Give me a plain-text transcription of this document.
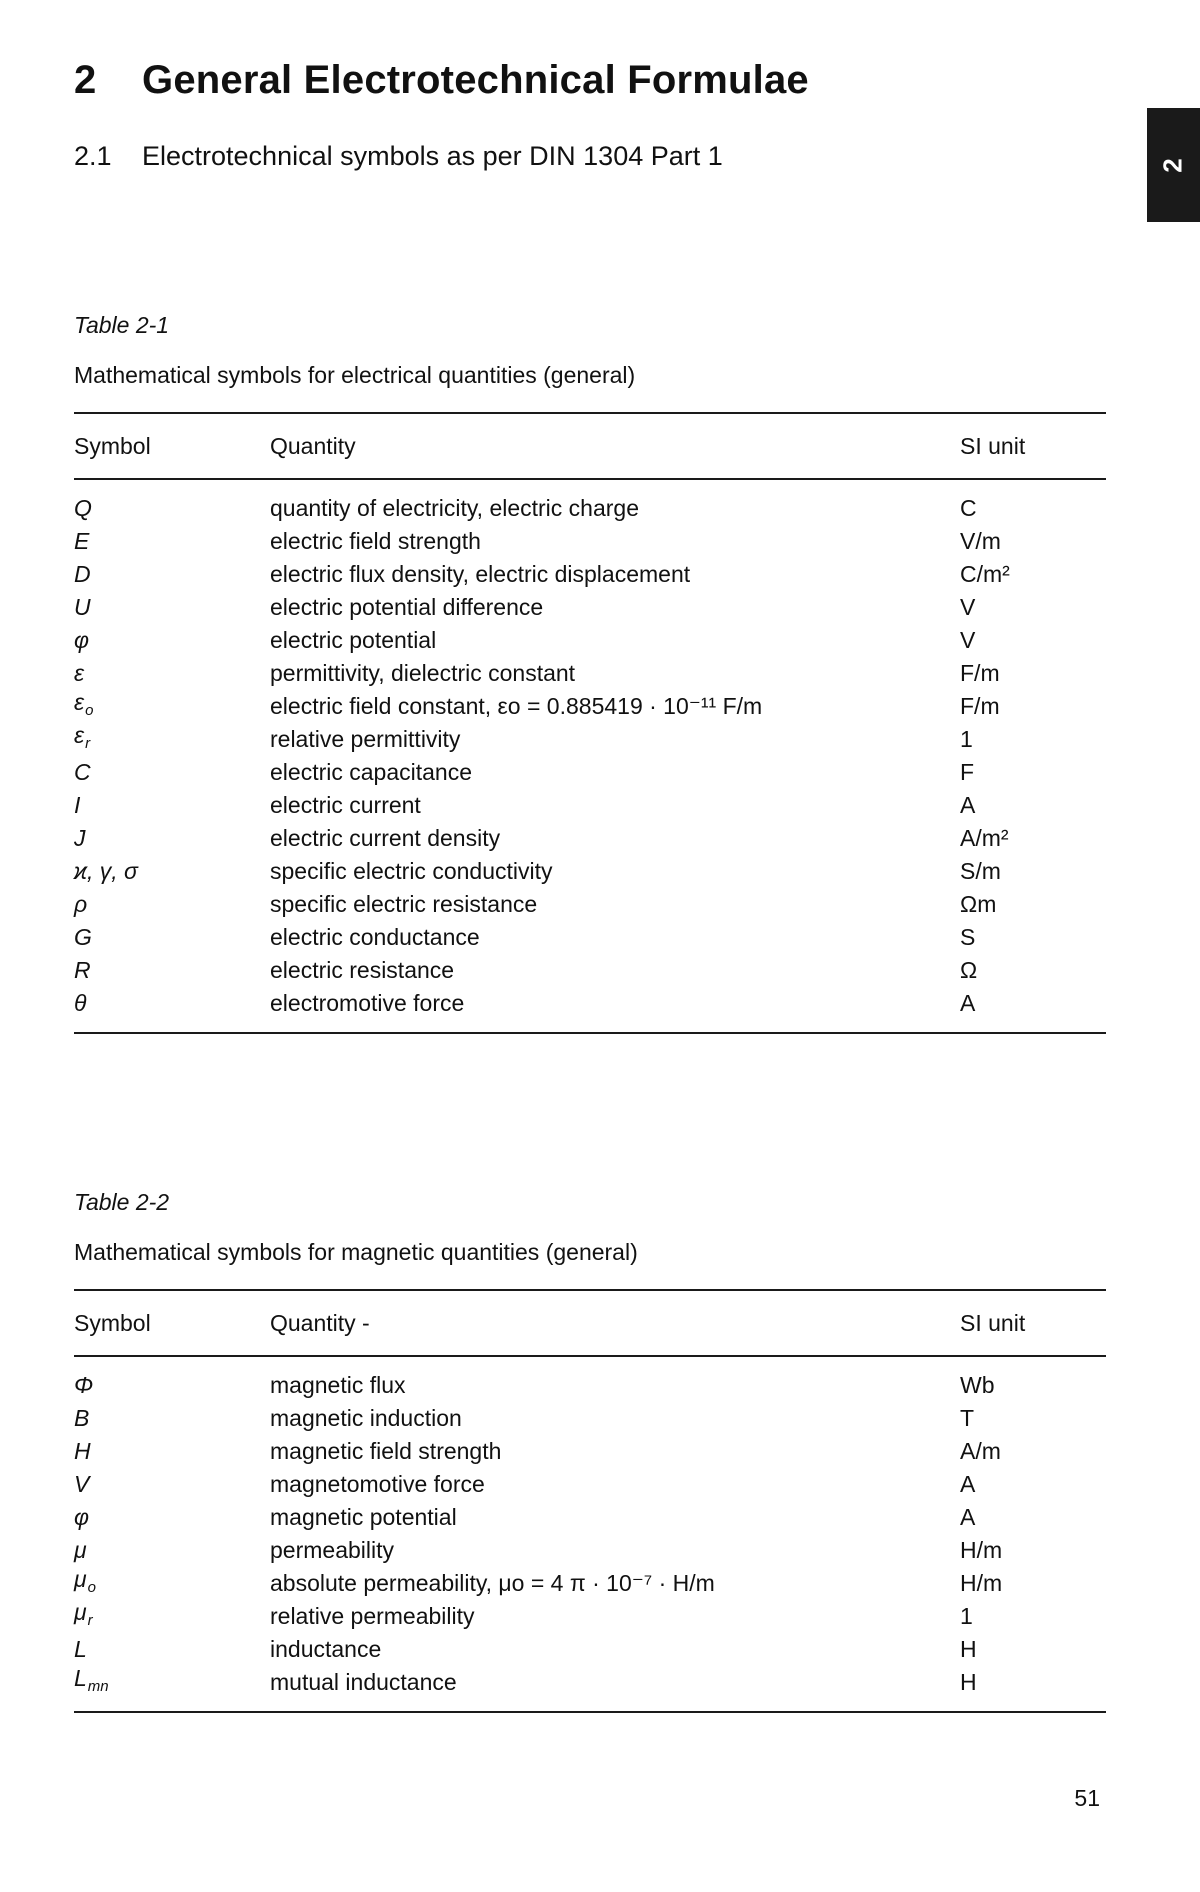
2 General Electrotechnical Formulae
2.1 Electrotechnical symbols as per DIN 1304 Part 1	2
Table 2-1
Mathematical symbols for electrical quantities (general)
Symbol	Quantity	SI unit
Q	quantity of electricity, electric charge	C
E	electric field strength	V/m
D	electric flux density, electric displacement	C/m²
U	electric potential difference	V
φ	electric potential	V
ε	permittivity, dielectric constant	F/m
$\varepsilon_o$	electric field constant, εo = 0.885419 · 10⁻¹¹ F/m	F/m
$\varepsilon_r$	relative permittivity	1
C	electric capacitance	F
I	electric current	A
J	electric current density	A/m²
ϰ, γ, σ	specific electric conductivity	S/m
ρ	specific electric resistance	Ωm
G	electric conductance	S
R	electric resistance	Ω
θ	electromotive force	A
Table 2-2
Mathematical symbols for magnetic quantities (general)
Symbol	Quantity -	SI unit
Φ	magnetic flux	Wb
B	magnetic induction	T
H	magnetic field strength	A/m
V	magnetomotive force	A
φ	magnetic potential	A
μ	permeability	H/m
$\mu_o$	absolute permeability, μo = 4 π · 10⁻⁷ · H/m	H/m
$\mu_r$	relative permeability	1
L	inductance	H
$L_{mn}$	mutual inductance	H
51
